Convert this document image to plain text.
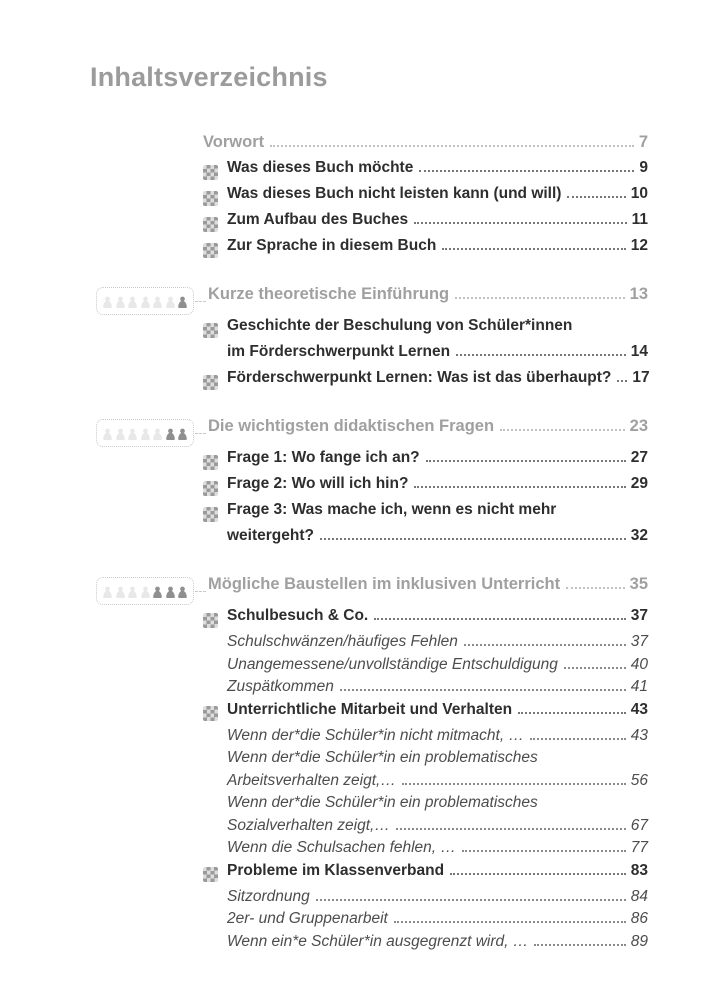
Inhaltsverzeichnis
Vorwort	7
Was dieses Buch möchte	9
Was dieses Buch nicht leisten kann (und will)	10
Zum Aufbau des Buches	11
Zur Sprache in diesem Buch	12
Kurze theoretische Einführung	13
Geschichte der Beschulung von Schüler*innen
im Förderschwerpunkt Lernen	14
Förderschwerpunkt Lernen: Was ist das überhaupt? 17
Die wichtigsten didaktischen Fragen	23
Frage 1: Wo fange ich an?	27
Frage 2: Wo will ich hin?	29
Frage 3: Was mache ich, wenn es nicht mehr
weitergeht?	32
Mögliche Baustellen im inklusiven Unterricht	35
Schulbesuch & Co.	37
Schulschwänzen/häufiges Fehlen	37
Unangemessene/unvollständige Entschuldigung	40
Zuspätkommen	41
Unterrichtliche Mitarbeit und Verhalten	43
Wenn der*die Schüler*in nicht mitmacht, …	43
Wenn der*die Schüler*in ein problematisches
Arbeitsverhalten zeigt,…	56
Wenn der*die Schüler*in ein problematisches
Sozialverhalten zeigt,…	67
Wenn die Schulsachen fehlen, …	77
Probleme im Klassenverband	83
Sitzordnung	84
2er- und Gruppenarbeit	86
Wenn ein*e Schüler*in ausgegrenzt wird, …	89
